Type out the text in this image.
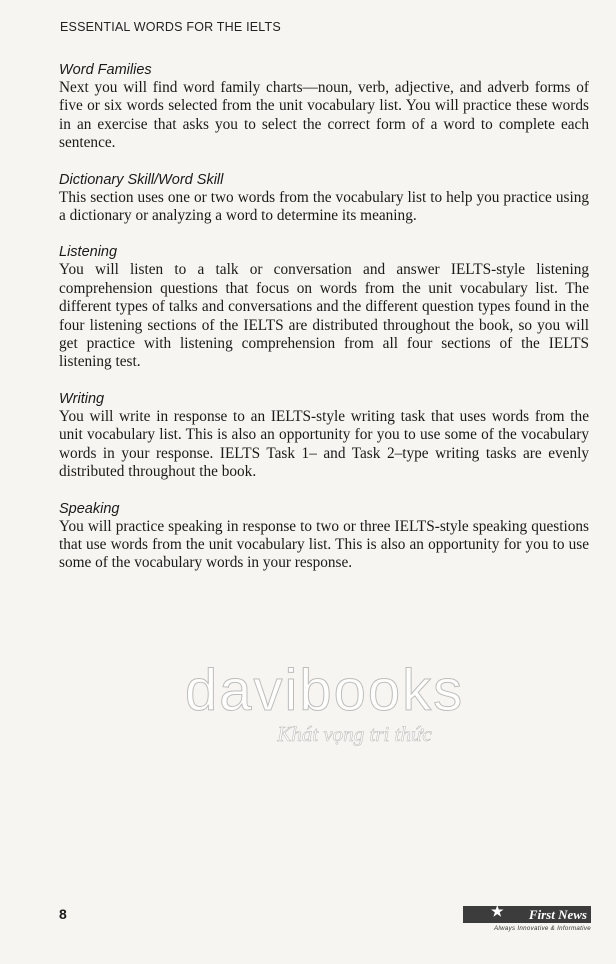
ESSENTIAL WORDS FOR THE IELTS
Word Families

Next you will find word family charts—noun, verb, adjective, and adverb forms of five or six words selected from the unit vocabulary list. You will practice these words in an exercise that asks you to select the correct form of a word to complete each sentence.

Dictionary Skill/Word Skill

This section uses one or two words from the vocabulary list to help you practice using a dictionary or analyzing a word to determine its meaning.

Listening

You will listen to a talk or conversation and answer IELTS-style listening comprehension questions that focus on words from the unit vocabulary list. The different types of talks and conversations and the different question types found in the four listening sections of the IELTS are distributed throughout the book, so you will get practice with listening comprehension from all four sections of the IELTS listening test.

Writing

You will write in response to an IELTS-style writing task that uses words from the unit vocabulary list. This is also an opportunity for you to use some of the vocabulary words in your response. IELTS Task 1– and Task 2–type writing tasks are evenly distributed throughout the book.

Speaking

You will practice speaking in response to two or three IELTS-style speaking questions that use words from the unit vocabulary list. This is also an opportunity for you to use some of the vocabulary words in your response.

davibooks
Khát vọng tri thức
8	★ First News
Always Innovative & Informative
